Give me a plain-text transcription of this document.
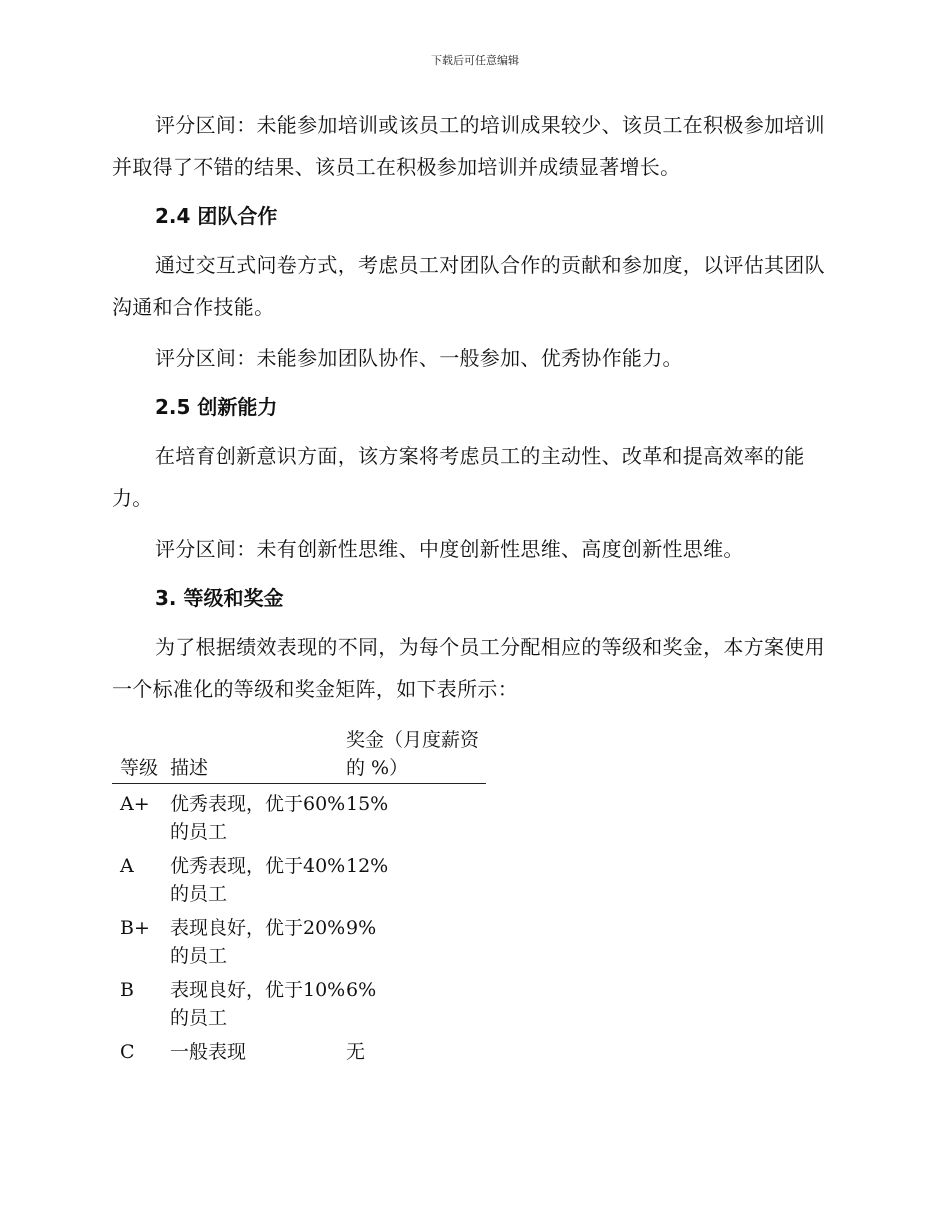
下载后可任意编辑

评分区间：未能参加培训或该员工的培训成果较少、该员工在积极参加培训并取得了不错的结果、该员工在积极参加培训并成绩显著增长。

2.4 团队合作

通过交互式问卷方式，考虑员工对团队合作的贡献和参加度，以评估其团队沟通和合作技能。

评分区间：未能参加团队协作、一般参加、优秀协作能力。

2.5 创新能力

在培育创新意识方面，该方案将考虑员工的主动性、改革和提高效率的能力。

评分区间：未有创新性思维、中度创新性思维、高度创新性思维。

3. 等级和奖金

为了根据绩效表现的不同，为每个员工分配相应的等级和奖金，本方案使用一个标准化的等级和奖金矩阵，如下表所示：

等级	描述	奖金（月度薪资的 %）
A+	优秀表现，优于60%的员工	15%
A	优秀表现，优于40%的员工	12%
B+	表现良好，优于20%的员工	9%
B	表现良好，优于10%的员工	6%
C	一般表现	无
